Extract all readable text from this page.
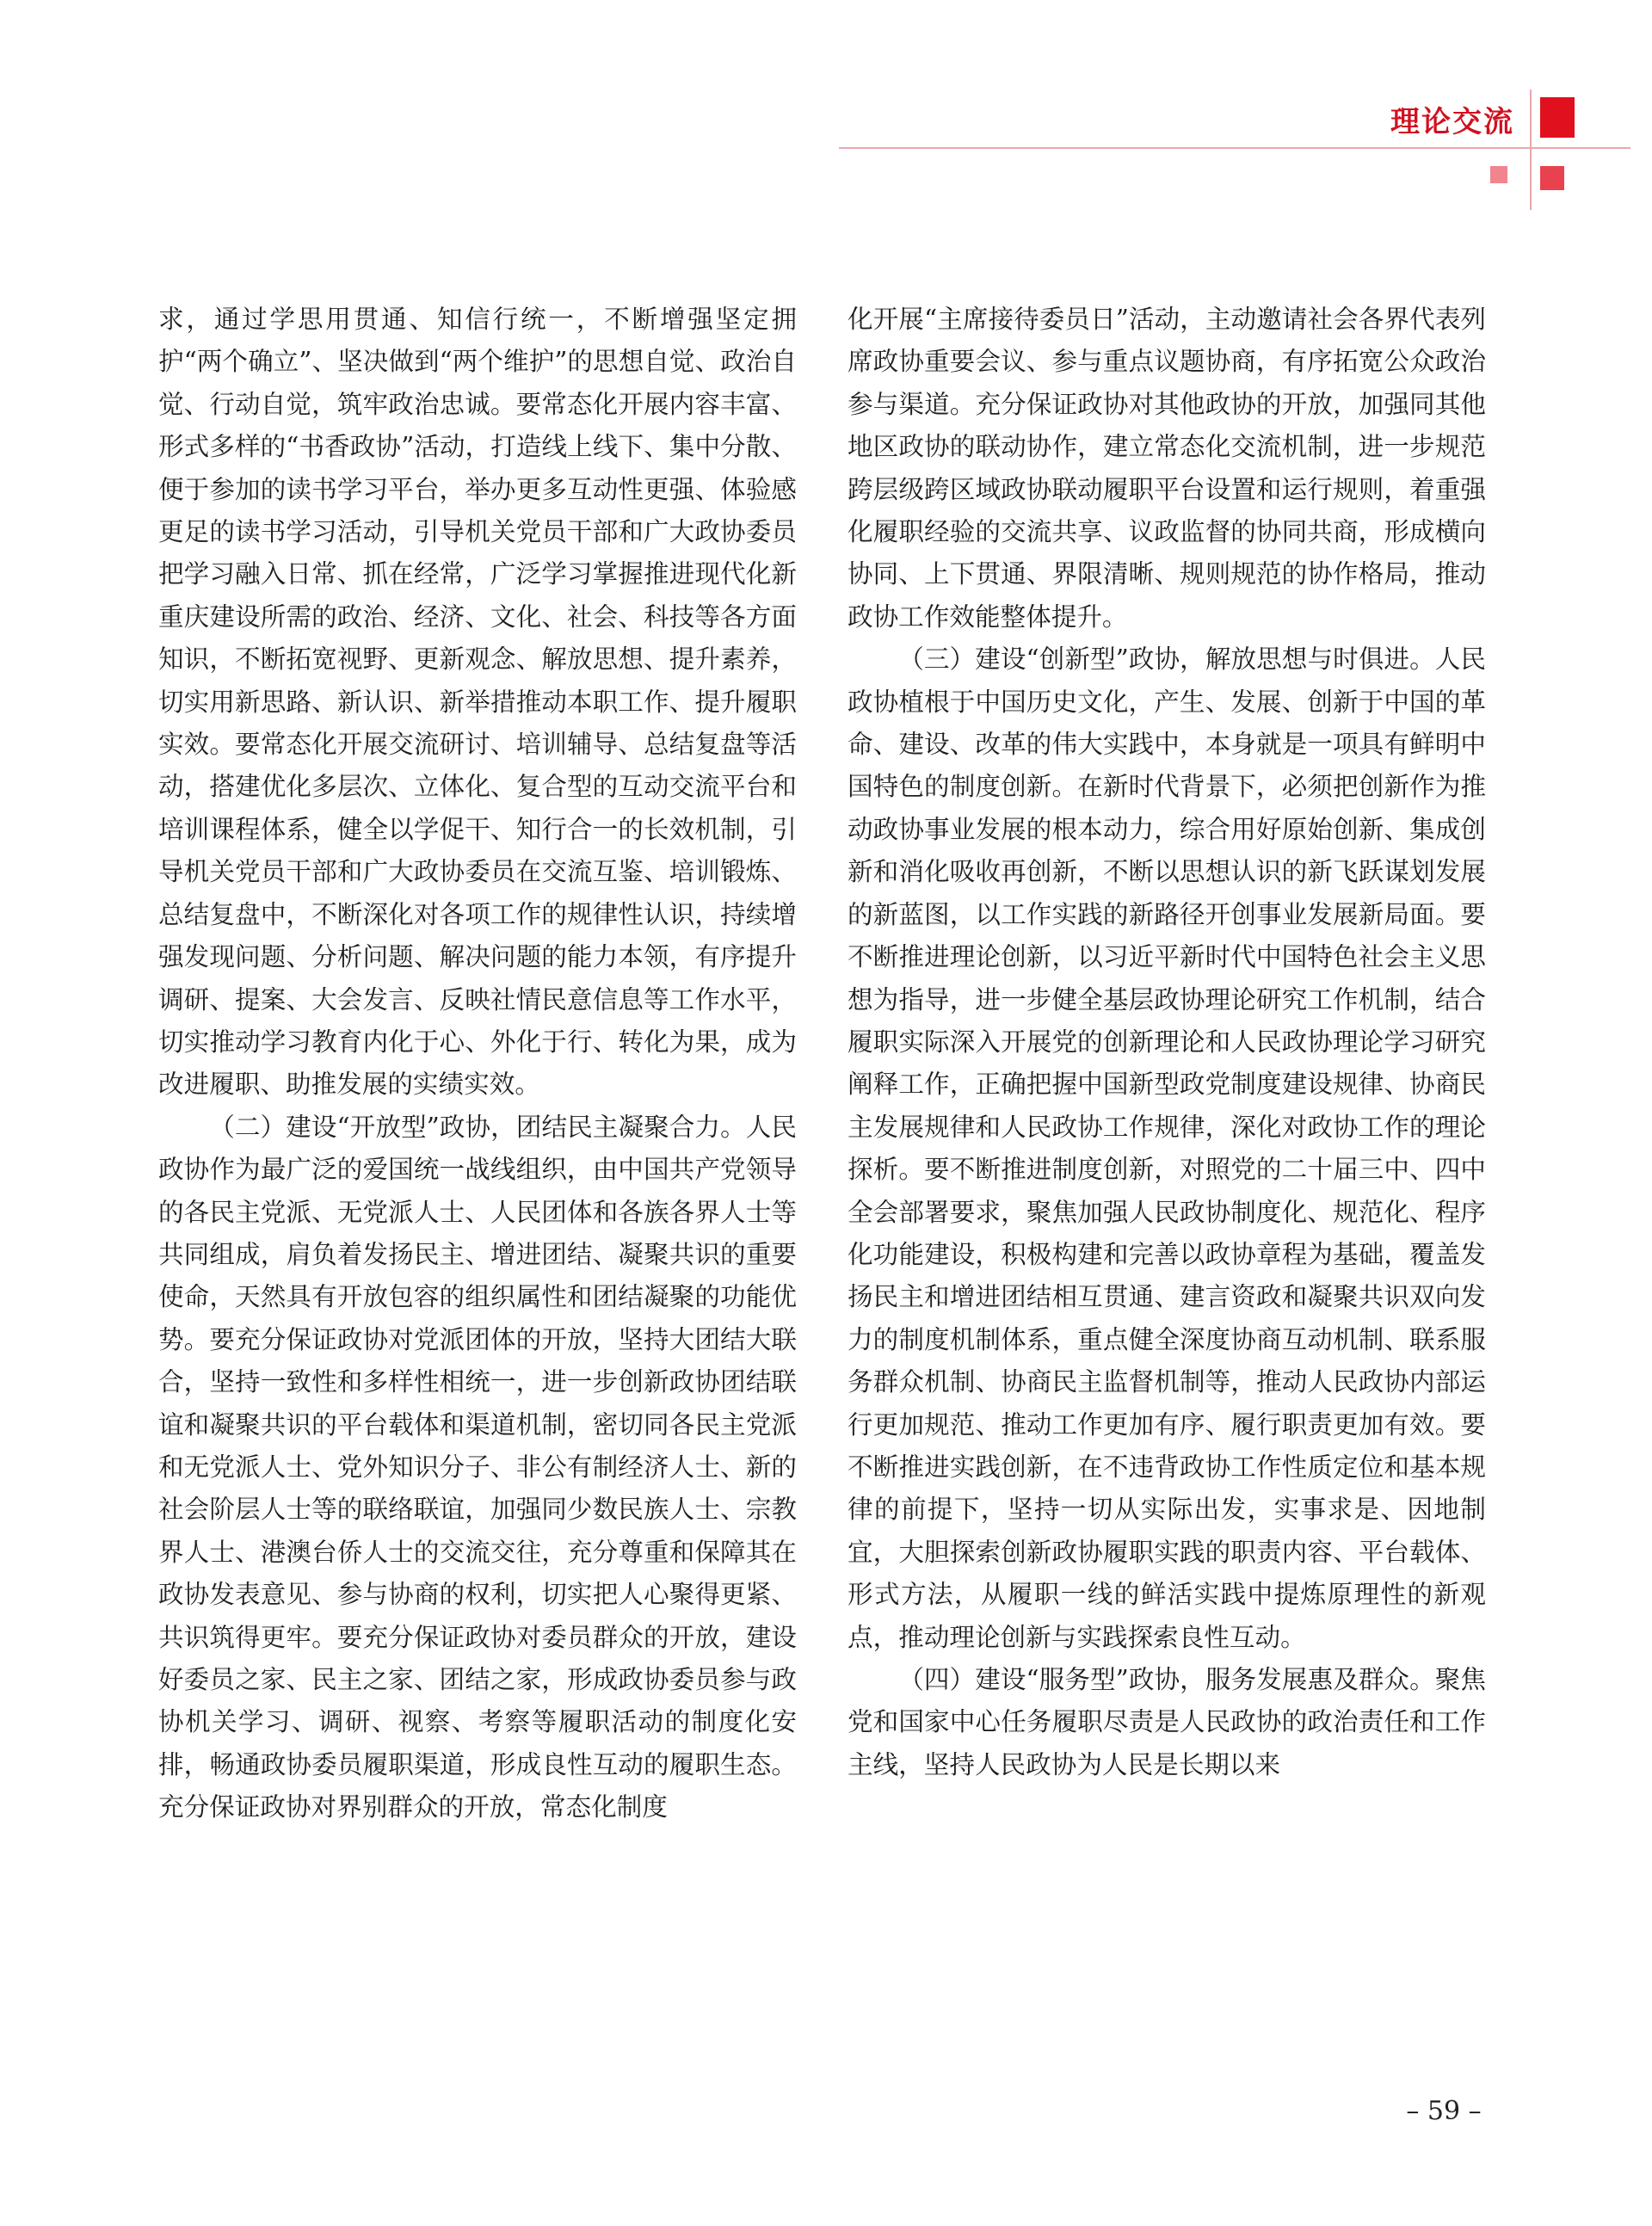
理论交流

求，通过学思用贯通、知信行统一，不断增强坚定拥护“两个确立”、坚决做到“两个维护”的思想自觉、政治自觉、行动自觉，筑牢政治忠诚。要常态化开展内容丰富、形式多样的“书香政协”活动，打造线上线下、集中分散、便于参加的读书学习平台，举办更多互动性更强、体验感更足的读书学习活动，引导机关党员干部和广大政协委员把学习融入日常、抓在经常，广泛学习掌握推进现代化新重庆建设所需的政治、经济、文化、社会、科技等各方面知识，不断拓宽视野、更新观念、解放思想、提升素养，切实用新思路、新认识、新举措推动本职工作、提升履职实效。要常态化开展交流研讨、培训辅导、总结复盘等活动，搭建优化多层次、立体化、复合型的互动交流平台和培训课程体系，健全以学促干、知行合一的长效机制，引导机关党员干部和广大政协委员在交流互鉴、培训锻炼、总结复盘中，不断深化对各项工作的规律性认识，持续增强发现问题、分析问题、解决问题的能力本领，有序提升调研、提案、大会发言、反映社情民意信息等工作水平，切实推动学习教育内化于心、外化于行、转化为果，成为改进履职、助推发展的实绩实效。

（二）建设“开放型”政协，团结民主凝聚合力。人民政协作为最广泛的爱国统一战线组织，由中国共产党领导的各民主党派、无党派人士、人民团体和各族各界人士等共同组成，肩负着发扬民主、增进团结、凝聚共识的重要使命，天然具有开放包容的组织属性和团结凝聚的功能优势。要充分保证政协对党派团体的开放，坚持大团结大联合，坚持一致性和多样性相统一，进一步创新政协团结联谊和凝聚共识的平台载体和渠道机制，密切同各民主党派和无党派人士、党外知识分子、非公有制经济人士、新的社会阶层人士等的联络联谊，加强同少数民族人士、宗教界人士、港澳台侨人士的交流交往，充分尊重和保障其在政协发表意见、参与协商的权利，切实把人心聚得更紧、共识筑得更牢。要充分保证政协对委员群众的开放，建设好委员之家、民主之家、团结之家，形成政协委员参与政协机关学习、调研、视察、考察等履职活动的制度化安排，畅通政协委员履职渠道，形成良性互动的履职生态。充分保证政协对界别群众的开放，常态化制度

化开展“主席接待委员日”活动，主动邀请社会各界代表列席政协重要会议、参与重点议题协商，有序拓宽公众政治参与渠道。充分保证政协对其他政协的开放，加强同其他地区政协的联动协作，建立常态化交流机制，进一步规范跨层级跨区域政协联动履职平台设置和运行规则，着重强化履职经验的交流共享、议政监督的协同共商，形成横向协同、上下贯通、界限清晰、规则规范的协作格局，推动政协工作效能整体提升。

（三）建设“创新型”政协，解放思想与时俱进。人民政协植根于中国历史文化，产生、发展、创新于中国的革命、建设、改革的伟大实践中，本身就是一项具有鲜明中国特色的制度创新。在新时代背景下，必须把创新作为推动政协事业发展的根本动力，综合用好原始创新、集成创新和消化吸收再创新，不断以思想认识的新飞跃谋划发展的新蓝图，以工作实践的新路径开创事业发展新局面。要不断推进理论创新，以习近平新时代中国特色社会主义思想为指导，进一步健全基层政协理论研究工作机制，结合履职实际深入开展党的创新理论和人民政协理论学习研究阐释工作，正确把握中国新型政党制度建设规律、协商民主发展规律和人民政协工作规律，深化对政协工作的理论探析。要不断推进制度创新，对照党的二十届三中、四中全会部署要求，聚焦加强人民政协制度化、规范化、程序化功能建设，积极构建和完善以政协章程为基础，覆盖发扬民主和增进团结相互贯通、建言资政和凝聚共识双向发力的制度机制体系，重点健全深度协商互动机制、联系服务群众机制、协商民主监督机制等，推动人民政协内部运行更加规范、推动工作更加有序、履行职责更加有效。要不断推进实践创新，在不违背政协工作性质定位和基本规律的前提下，坚持一切从实际出发，实事求是、因地制宜，大胆探索创新政协履职实践的职责内容、平台载体、形式方法，从履职一线的鲜活实践中提炼原理性的新观点，推动理论创新与实践探索良性互动。

（四）建设“服务型”政协，服务发展惠及群众。聚焦党和国家中心任务履职尽责是人民政协的政治责任和工作主线，坚持人民政协为人民是长期以来

– 59 –
